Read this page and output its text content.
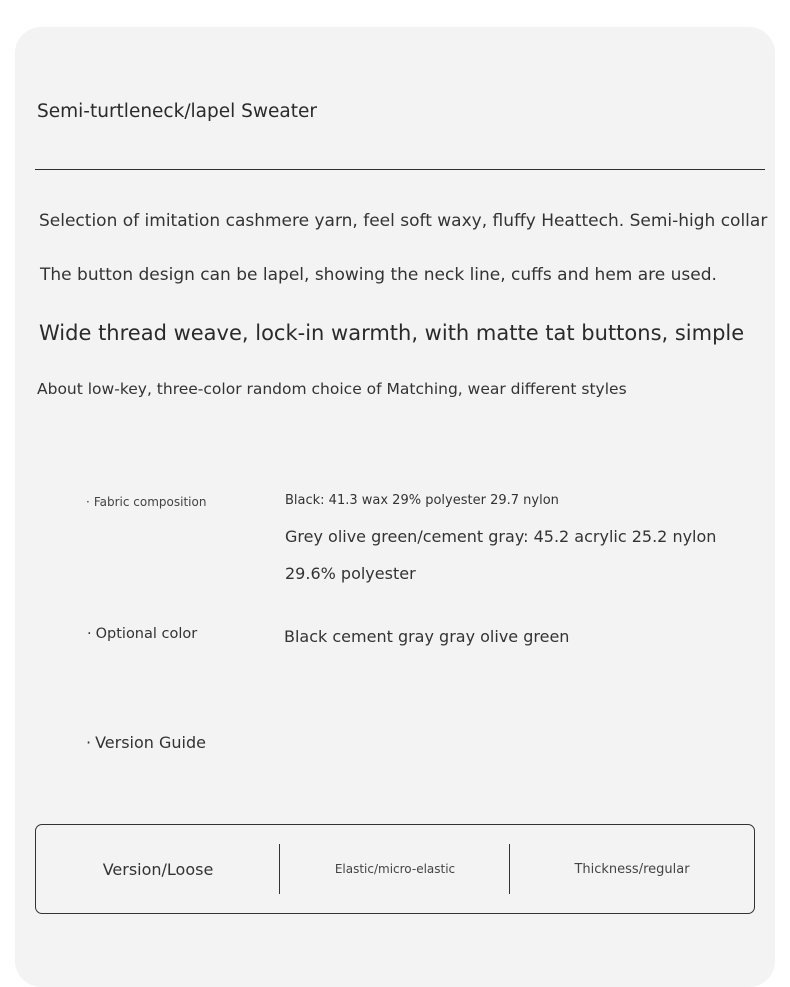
Semi-turtleneck/lapel Sweater
Selection of imitation cashmere yarn, feel soft waxy, fluffy Heattech. Semi-high collar
The button design can be lapel, showing the neck line, cuffs and hem are used.
Wide thread weave, lock-in warmth, with matte tat buttons, simple
About low-key, three-color random choice of Matching, wear different styles
· Fabric composition	Black: 41.3 wax 29% polyester 29.7 nylon
Grey olive green/cement gray: 45.2 acrylic 25.2 nylon
29.6% polyester
· Optional color	Black cement gray gray olive green
· Version Guide
Version/Loose	Elastic/micro-elastic	Thickness/regular
